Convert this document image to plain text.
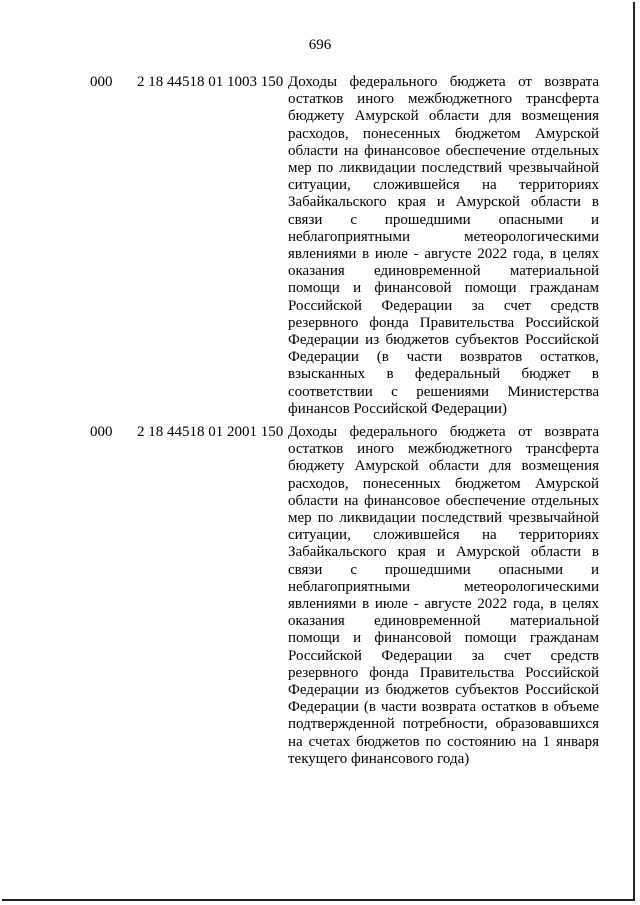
696
000 2 18 44518 01 1003 150 Доходы федерального бюджета от возврата остатков иного межбюджетного трансферта бюджету Амурской области для возмещения расходов, понесенных бюджетом Амурской области на финансовое обеспечение отдельных мер по ликвидации последствий чрезвычайной ситуации, сложившейся на территориях Забайкальского края и Амурской области в связи с прошедшими опасными и неблагоприятными метеорологическими явлениями в июле - августе 2022 года, в целях оказания единовременной материальной помощи и финансовой помощи гражданам Российской Федерации за счет средств резервного фонда Правительства Российской Федерации из бюджетов субъектов Российской Федерации (в части возвратов остатков, взысканных в федеральный бюджет в соответствии с решениями Министерства финансов Российской Федерации)
000 2 18 44518 01 2001 150 Доходы федерального бюджета от возврата остатков иного межбюджетного трансферта бюджету Амурской области для возмещения расходов, понесенных бюджетом Амурской области на финансовое обеспечение отдельных мер по ликвидации последствий чрезвычайной ситуации, сложившейся на территориях Забайкальского края и Амурской области в связи с прошедшими опасными и неблагоприятными метеорологическими явлениями в июле - августе 2022 года, в целях оказания единовременной материальной помощи и финансовой помощи гражданам Российской Федерации за счет средств резервного фонда Правительства Российской Федерации из бюджетов субъектов Российской Федерации (в части возврата остатков в объеме подтвержденной потребности, образовавшихся на счетах бюджетов по состоянию на 1 января текущего финансового года)
